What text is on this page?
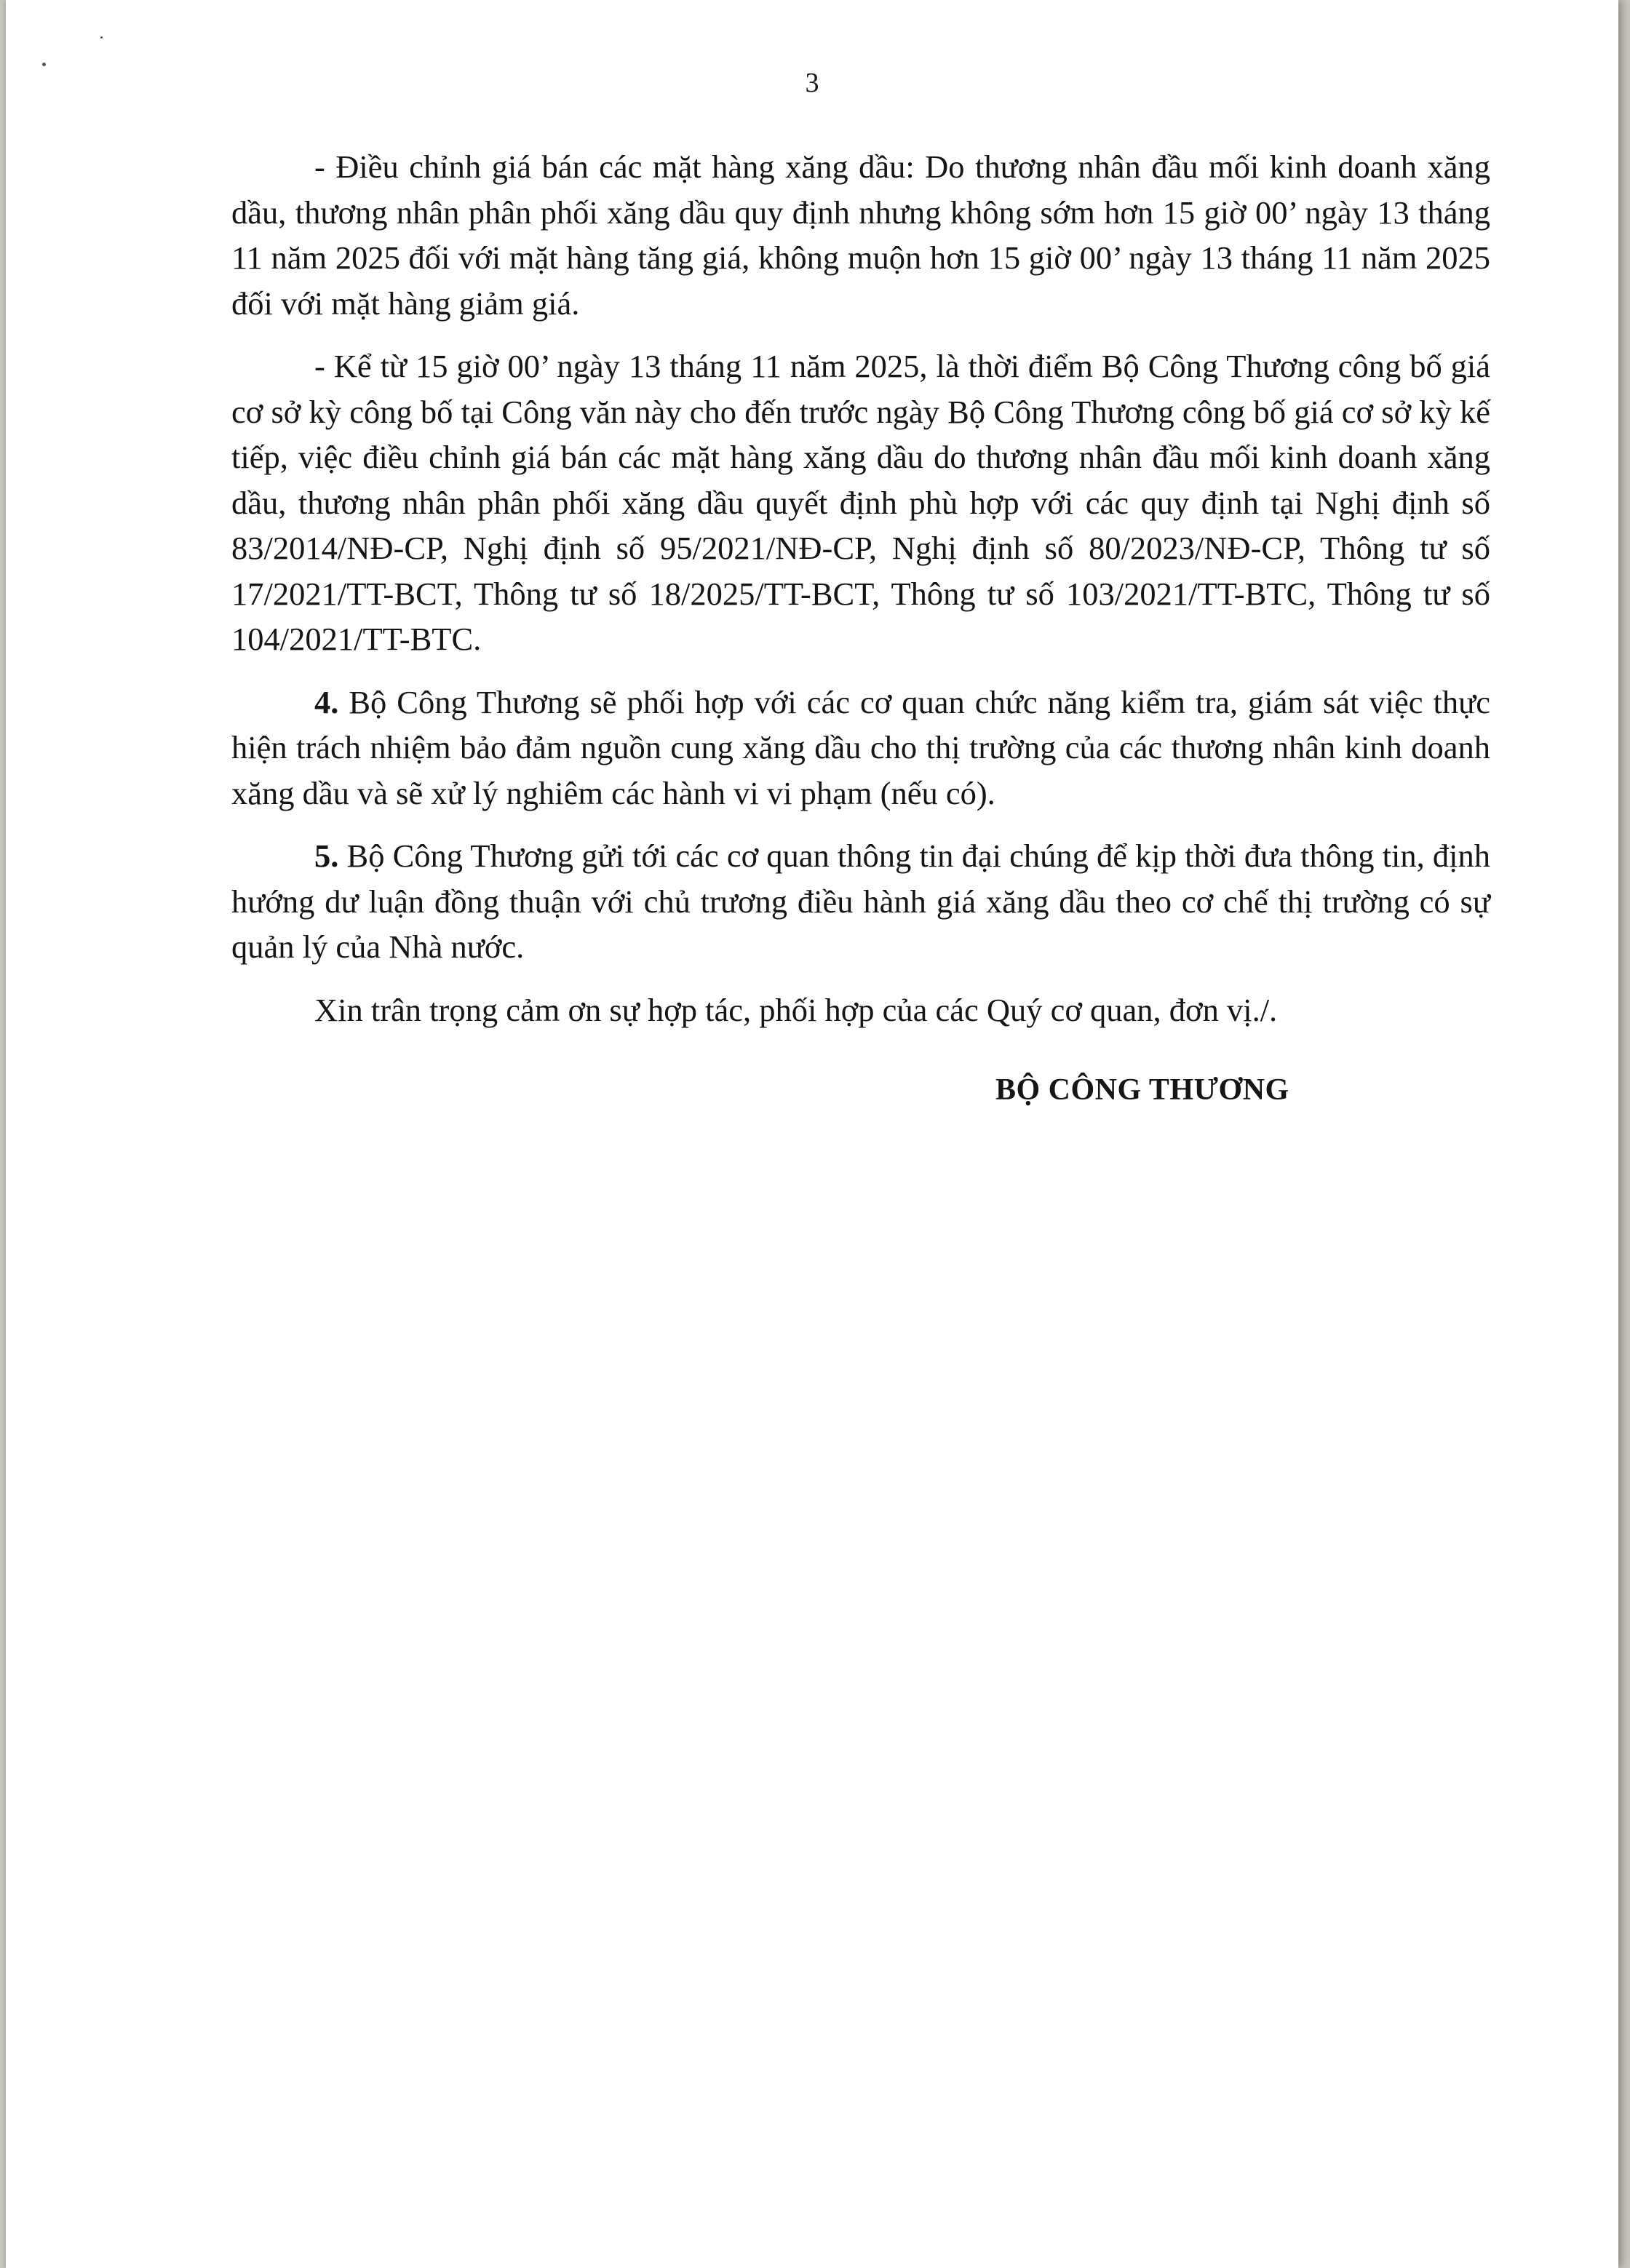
3

- Điều chỉnh giá bán các mặt hàng xăng dầu: Do thương nhân đầu mối kinh doanh xăng dầu, thương nhân phân phối xăng dầu quy định nhưng không sớm hơn 15 giờ 00’ ngày 13 tháng 11 năm 2025 đối với mặt hàng tăng giá, không muộn hơn 15 giờ 00’ ngày 13 tháng 11 năm 2025 đối với mặt hàng giảm giá.

- Kể từ 15 giờ 00’ ngày 13 tháng 11 năm 2025, là thời điểm Bộ Công Thương công bố giá cơ sở kỳ công bố tại Công văn này cho đến trước ngày Bộ Công Thương công bố giá cơ sở kỳ kế tiếp, việc điều chỉnh giá bán các mặt hàng xăng dầu do thương nhân đầu mối kinh doanh xăng dầu, thương nhân phân phối xăng dầu quyết định phù hợp với các quy định tại Nghị định số 83/2014/NĐ-CP, Nghị định số 95/2021/NĐ-CP, Nghị định số 80/2023/NĐ-CP, Thông tư số 17/2021/TT-BCT, Thông tư số 18/2025/TT-BCT, Thông tư số 103/2021/TT-BTC, Thông tư số 104/2021/TT-BTC.

4. Bộ Công Thương sẽ phối hợp với các cơ quan chức năng kiểm tra, giám sát việc thực hiện trách nhiệm bảo đảm nguồn cung xăng dầu cho thị trường của các thương nhân kinh doanh xăng dầu và sẽ xử lý nghiêm các hành vi vi phạm (nếu có).

5. Bộ Công Thương gửi tới các cơ quan thông tin đại chúng để kịp thời đưa thông tin, định hướng dư luận đồng thuận với chủ trương điều hành giá xăng dầu theo cơ chế thị trường có sự quản lý của Nhà nước.

Xin trân trọng cảm ơn sự hợp tác, phối hợp của các Quý cơ quan, đơn vị./.

BỘ CÔNG THƯƠNG
